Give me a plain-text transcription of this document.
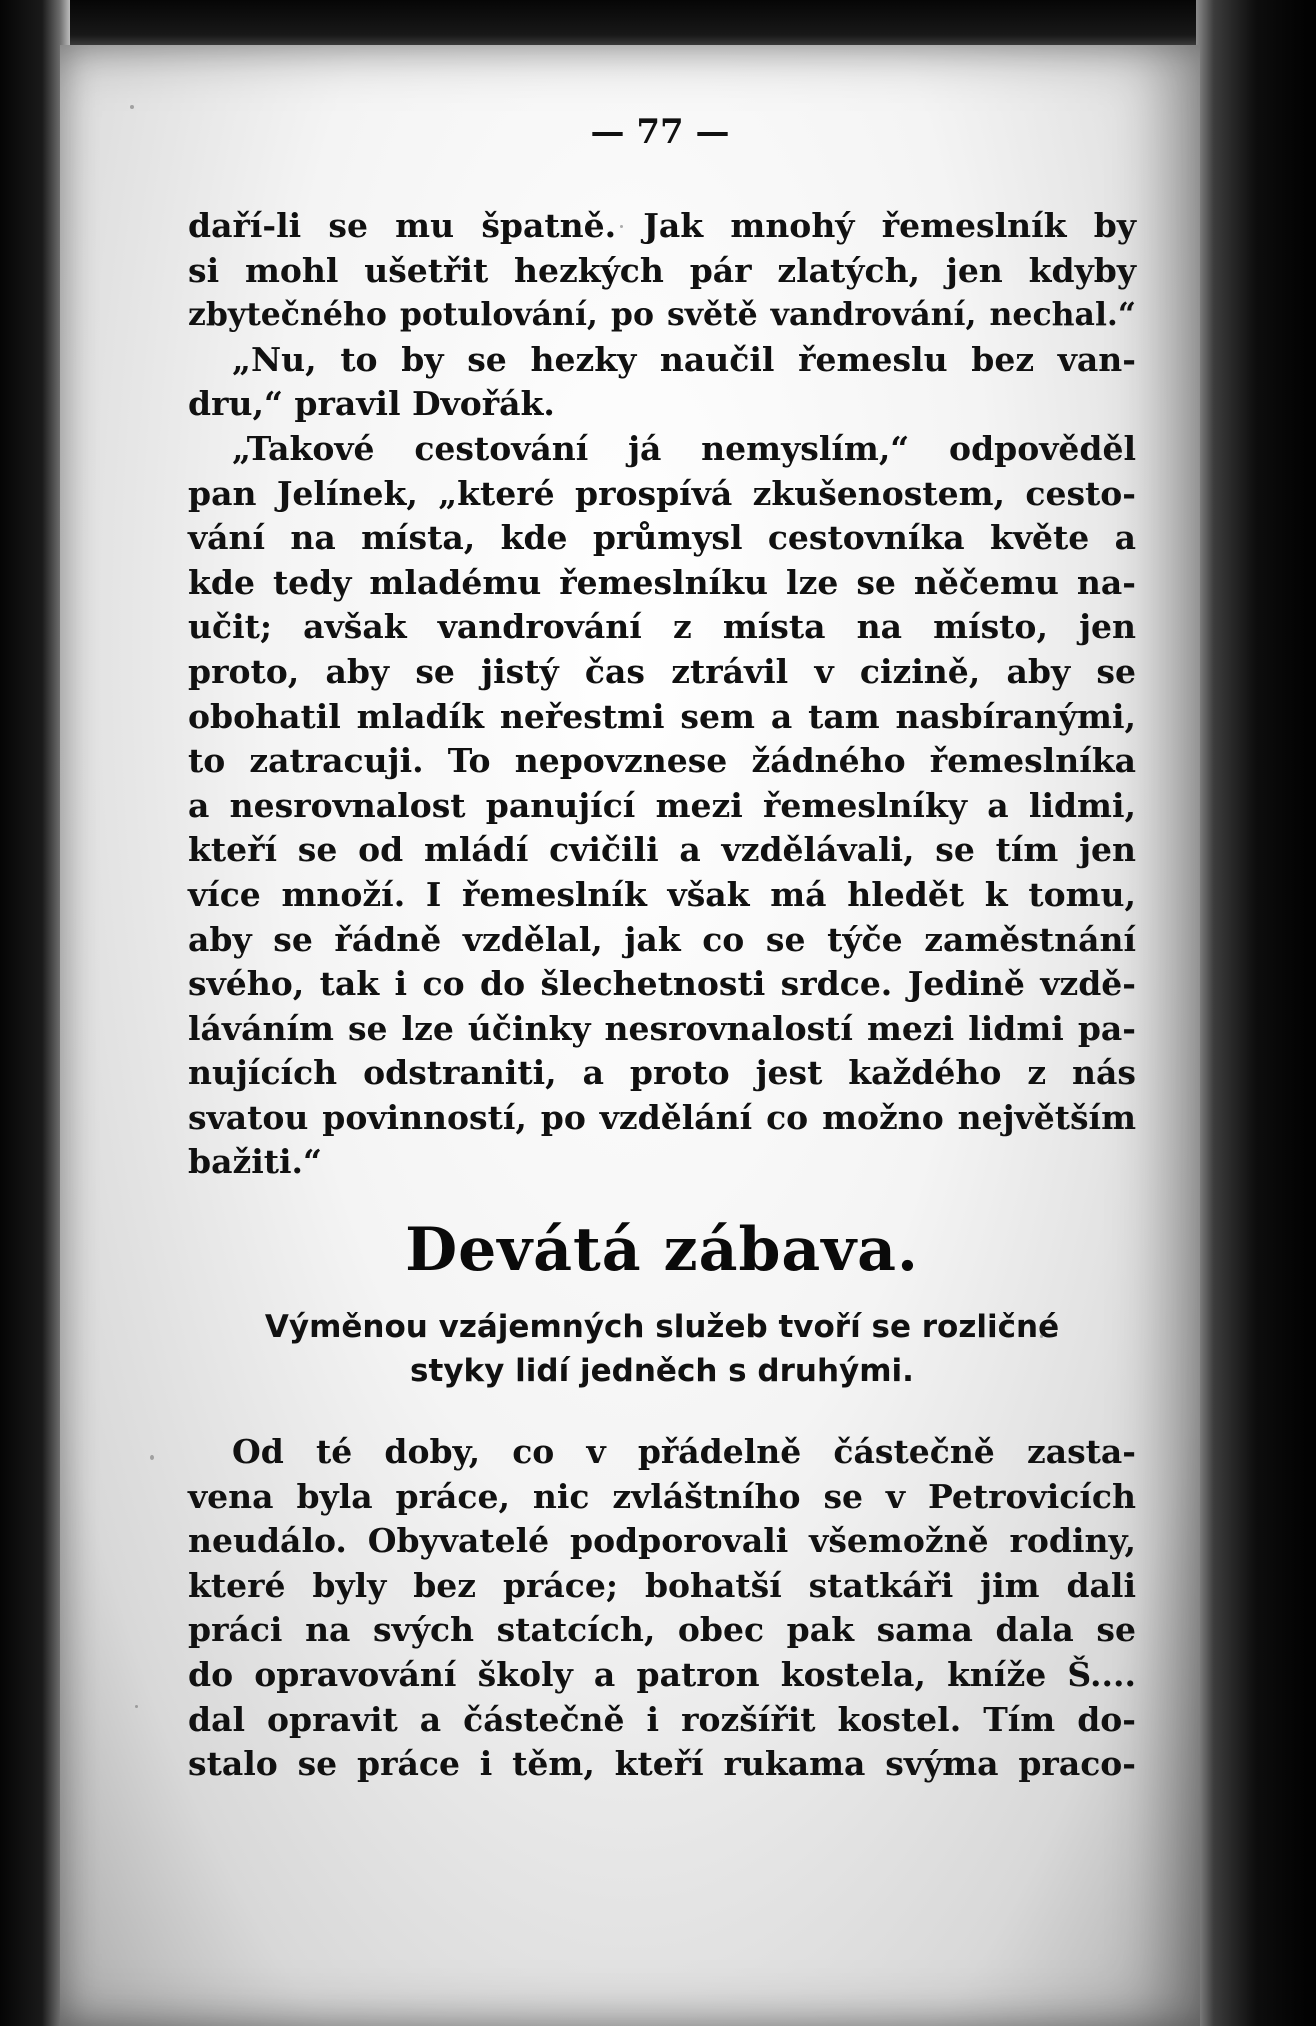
— 77 —
daří-li se mu špatně. Jak mnohý řemeslník by
si mohl ušetřit hezkých pár zlatých, jen kdyby
zbytečného potulování, po světě vandrování, nechal.“
„Nu, to by se hezky naučil řemeslu bez van-
dru,“ pravil Dvořák.
„Takové cestování já nemyslím,“ odpověděl
pan Jelínek, „které prospívá zkušenostem, cesto-
vání na místa, kde průmysl cestovníka květe a
kde tedy mladému řemeslníku lze se něčemu na-
učit; avšak vandrování z místa na místo, jen
proto, aby se jistý čas ztrávil v cizině, aby se
obohatil mladík neřestmi sem a tam nasbíranými,
to zatracuji. To nepovznese žádného řemeslníka
a nesrovnalost panující mezi řemeslníky a lidmi,
kteří se od mládí cvičili a vzdělávali, se tím jen
více množí. I řemeslník však má hledět k tomu,
aby se řádně vzdělal, jak co se týče zaměstnání
svého, tak i co do šlechetnosti srdce. Jedině vzdě-
láváním se lze účinky nesrovnalostí mezi lidmi pa-
nujících odstraniti, a proto jest každého z nás
svatou povinností, po vzdělání co možno největším
bažiti.“
Devátá zábava.
Výměnou vzájemných služeb tvoří se rozličné
styky lidí jedněch s druhými.
Od té doby, co v přádelně částečně zasta-
vena byla práce, nic zvláštního se v Petrovicích
neudálo. Obyvatelé podporovali všemožně rodiny,
které byly bez práce; bohatší statkáři jim dali
práci na svých statcích, obec pak sama dala se
do opravování školy a patron kostela, kníže Š....
dal opravit a částečně i rozšířit kostel. Tím do-
stalo se práce i těm, kteří rukama svýma praco-
